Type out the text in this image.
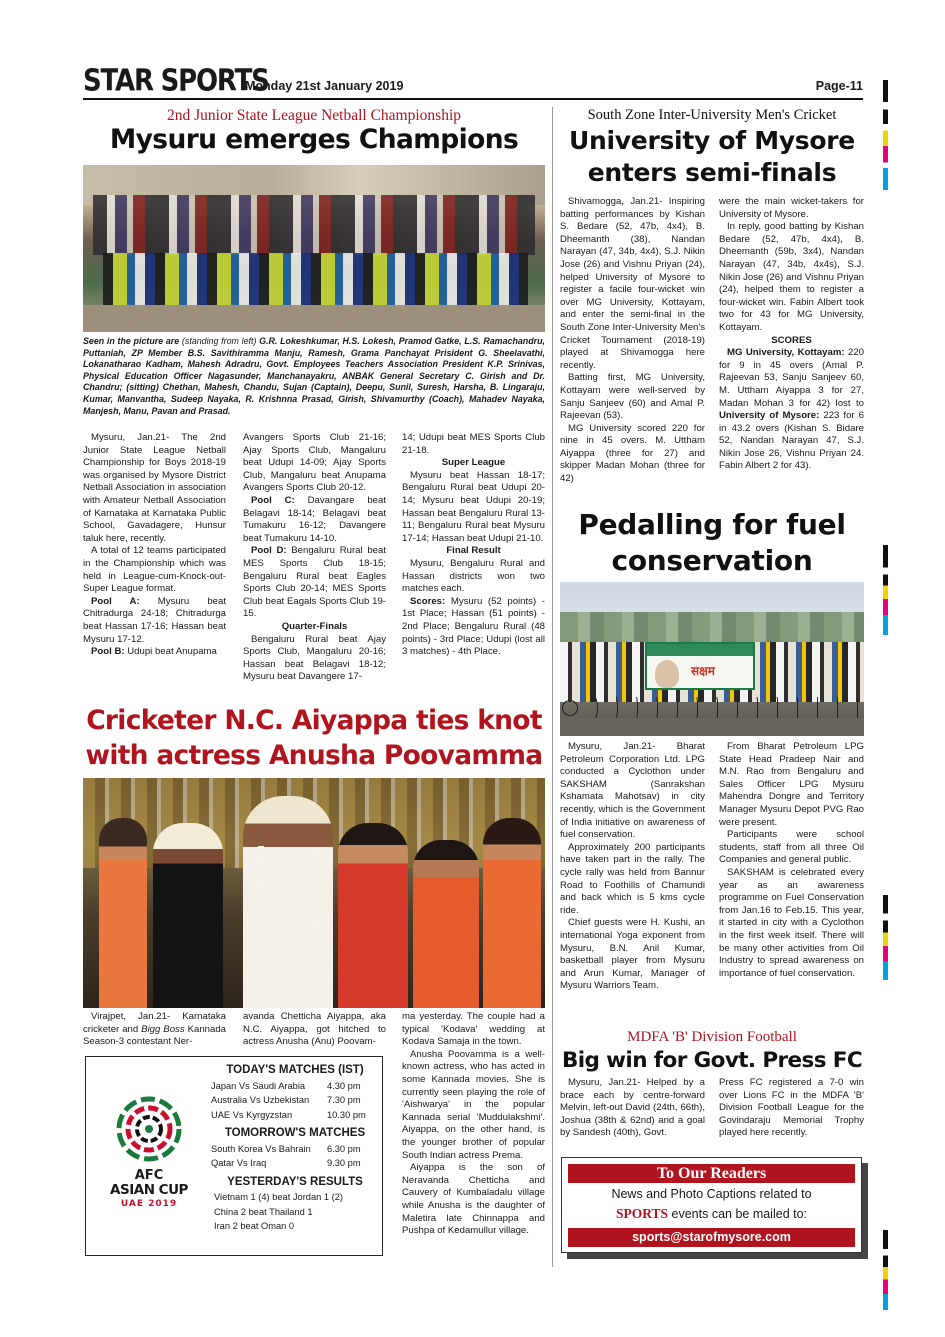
STAR SPORTS
Monday 21st January 2019	Page-11
2nd Junior State League Netball Championship
Mysuru emerges Champions
Seen in the picture are (standing from left) G.R. Lokeshkumar, H.S. Lokesh, Pramod Gatke, L.S. Ramachandru, Puttaniah, ZP Member B.S. Savithiramma Manju, Ramesh, Grama Panchayat Prisident G. Sheelavathi, Lokanatharao Kadham, Mahesh Adradru, Govt. Employees Teachers Association President K.P. Srinivas, Physical Education Officer Nagasunder, Manchanayakru, ANBAK General Secretary C. Girish and Dr. Chandru; (sitting) Chethan, Mahesh, Chandu, Sujan (Captain), Deepu, Sunil, Suresh, Harsha, B. Lingaraju, Kumar, Manvantha, Sudeep Nayaka, R. Krishnna Prasad, Girish, Shivamurthy (Coach), Mahadev Nayaka, Manjesh, Manu, Pavan and Prasad.

Mysuru, Jan.21- The 2nd Junior State League Netball Championship for Boys 2018-19 was organised by Mysore District Netball Association in association with Amateur Netball Association of Karnataka at Karnataka Public School, Gavadagere, Hunsur taluk here, recently.

A total of 12 teams participated in the Championship which was held in League-cum-Knock-out-Super League format.

Pool A: Mysuru beat Chitradurga 24-18; Chitradurga beat Hassan 17-16; Hassan beat Mysuru 17-12.

Pool B: Udupi beat Anupama

Avangers Sports Club 21-16; Ajay Sports Club, Mangaluru beat Udupi 14-09; Ajay Sports Club, Mangaluru beat Anupama Avangers Sports Club 20-12.

Pool C: Davangare beat Belagavi 18-14; Belagavi beat Tumakuru 16-12; Davangere beat Tumakuru 14-10.

Pool D: Bengaluru Rural beat MES Sports Club 18-15; Bengaluru Rural beat Eagles Sports Club 20-14; MES Sports Club beat Eagals Sports Club 19-15.

Quarter-Finals

Bengaluru Rural beat Ajay Sports Club, Mangaluru 20-16; Hassan beat Belagavi 18-12; Mysuru beat Davangere 17-

14; Udupi beat MES Sports Club 21-18.

Super League

Mysuru beat Hassan 18-17; Bengaluru Rural beat Udupi 20-14; Mysuru beat Udupi 20-19; Hassan beat Bengaluru Rural 13-11; Bengaluru Rural beat Mysuru 17-14; Hassan beat Udupi 21-10.

Final Result

Mysuru, Bengaluru Rural and Hassan districts won two matches each.

Scores: Mysuru (52 points) - 1st Place; Hassan (51 points) - 2nd Place; Bengaluru Rural (48 points) - 3rd Place; Udupi (lost all 3 matches) - 4th Place.

South Zone Inter-University Men's Cricket
University of Mysore
enters semi-finals

Shivamogga, Jan.21- Inspiring batting performances by Kishan S. Bedare (52, 47b, 4x4), B. Dheemanth (38), Nandan Narayan (47, 34b, 4x4), S.J. Nikin Jose (26) and Vishnu Priyan (24), helped University of Mysore to register a facile four-wicket win over MG University, Kottayam, and enter the semi-final in the South Zone Inter-University Men's Cricket Tournament (2018-19) played at Shivamogga here recently.

Batting first, MG University, Kottayam were well-served by Sanju Sanjeev (60) and Amal P. Rajeevan (53).

MG University scored 220 for nine in 45 overs. M. Uttham Aiyappa (three for 27) and skipper Madan Mohan (three for 42)

were the main wicket-takers for University of Mysore.

In reply, good batting by Kishan Bedare (52, 47b, 4x4), B. Dheemanth (59b, 3x4), Nandan Narayan (47, 34b, 4x4s), S.J. Nikin Jose (26) and Vishnu Priyan (24), helped them to register a four-wicket win. Fabin Albert took two for 43 for MG University, Kottayam.

SCORES

MG University, Kottayam: 220 for 9 in 45 overs (Amal P. Rajeevan 53, Sanju Sanjeev 60, M. Uttham Aiyappa 3 for 27, Madan Mohan 3 for 42) lost to University of Mysore: 223 for 6 in 43.2 overs (Kishan S. Bidare 52, Nandan Narayan 47, S.J. Nikin Jose 26, Vishnu Priyan 24. Fabin Albert 2 for 43).

Pedalling for fuel
conservation
सक्षम

Mysuru, Jan.21- Bharat Petroleum Corporation Ltd. LPG conducted a Cyclothon under SAKSHAM (Sanrakshan Kshamata Mahotsav) in city recently, which is the Government of India initiative on awareness of fuel conservation.

Approximately 200 participants have taken part in the rally. The cycle rally was held from Bannur Road to Foothills of Chamundi and back which is 5 kms cycle ride.

Chief guests were H. Kushi, an international Yoga exponent from Mysuru, B.N. Anil Kumar, basketball player from Mysuru and Arun Kumar, Manager of Mysuru Warriors Team.

From Bharat Petroleum LPG State Head Pradeep Nair and M.N. Rao from Bengaluru and Sales Officer LPG Mysuru Mahendra Dongre and Territory Manager Mysuru Depot PVG Rao were present.

Participants were school students, staff from all three Oil Companies and general public.

SAKSHAM is celebrated every year as an awareness programme on Fuel Conservation from Jan.16 to Feb.15. This year, it started in city with a Cyclothon in the first week itself. There will be many other activities from Oil Industry to spread awareness on importance of fuel conservation.

Cricketer N.C. Aiyappa ties knot
with actress Anusha Poovamma

Virajpet, Jan.21- Karnataka cricketer and Bigg Boss Kannada Season-3 contestant Ner-

avanda Chetticha Aiyappa, aka N.C. Aiyappa, got hitched to actress Anusha (Anu) Poovam-

ma yesterday. The couple had a typical 'Kodava' wedding at Kodava Samaja in the town.

Anusha Poovamma is a well-known actress, who has acted in some Kannada movies. She is currently seen playing the role of 'Aishwarya' in the popular Kannada serial 'Muddulakshmi'. Aiyappa, on the other hand, is the younger brother of popular South Indian actress Prema.

Aiyappa is the son of Neravanda Chetticha and Cauvery of Kumbaladalu village while Anusha is the daughter of Maletira late Chinnappa and Pushpa of Kedamullur village.

AFC
ASIAN CUP
UAE 2019
TODAY'S MATCHES (IST)
Japan Vs Saudi Arabia 4.30 pm
Australia Vs Uzbekistan 7.30 pm
UAE Vs Kyrgyzstan	10.30 pm
TOMORROW'S MATCHES
South Korea Vs Bahrain 6.30 pm
Qatar Vs Iraq	9.30 pm
YESTERDAY'S RESULTS
Vietnam 1 (4) beat Jordan 1 (2)
China 2 beat Thailand 1
Iran 2 beat Oman 0
MDFA 'B' Division Football
Big win for Govt. Press FC

Mysuru, Jan.21- Helped by a brace each by centre-forward Melvin, left-out David (24th, 66th), Joshua (38th & 62nd) and a goal by Sandesh (40th), Govt.

Press FC registered a 7-0 win over Lions FC in the MDFA 'B' Division Football League for the Govindaraju Memorial Trophy played here recently.

To Our Readers
News and Photo Captions related to
SPORTS events can be mailed to:
sports@starofmysore.com
